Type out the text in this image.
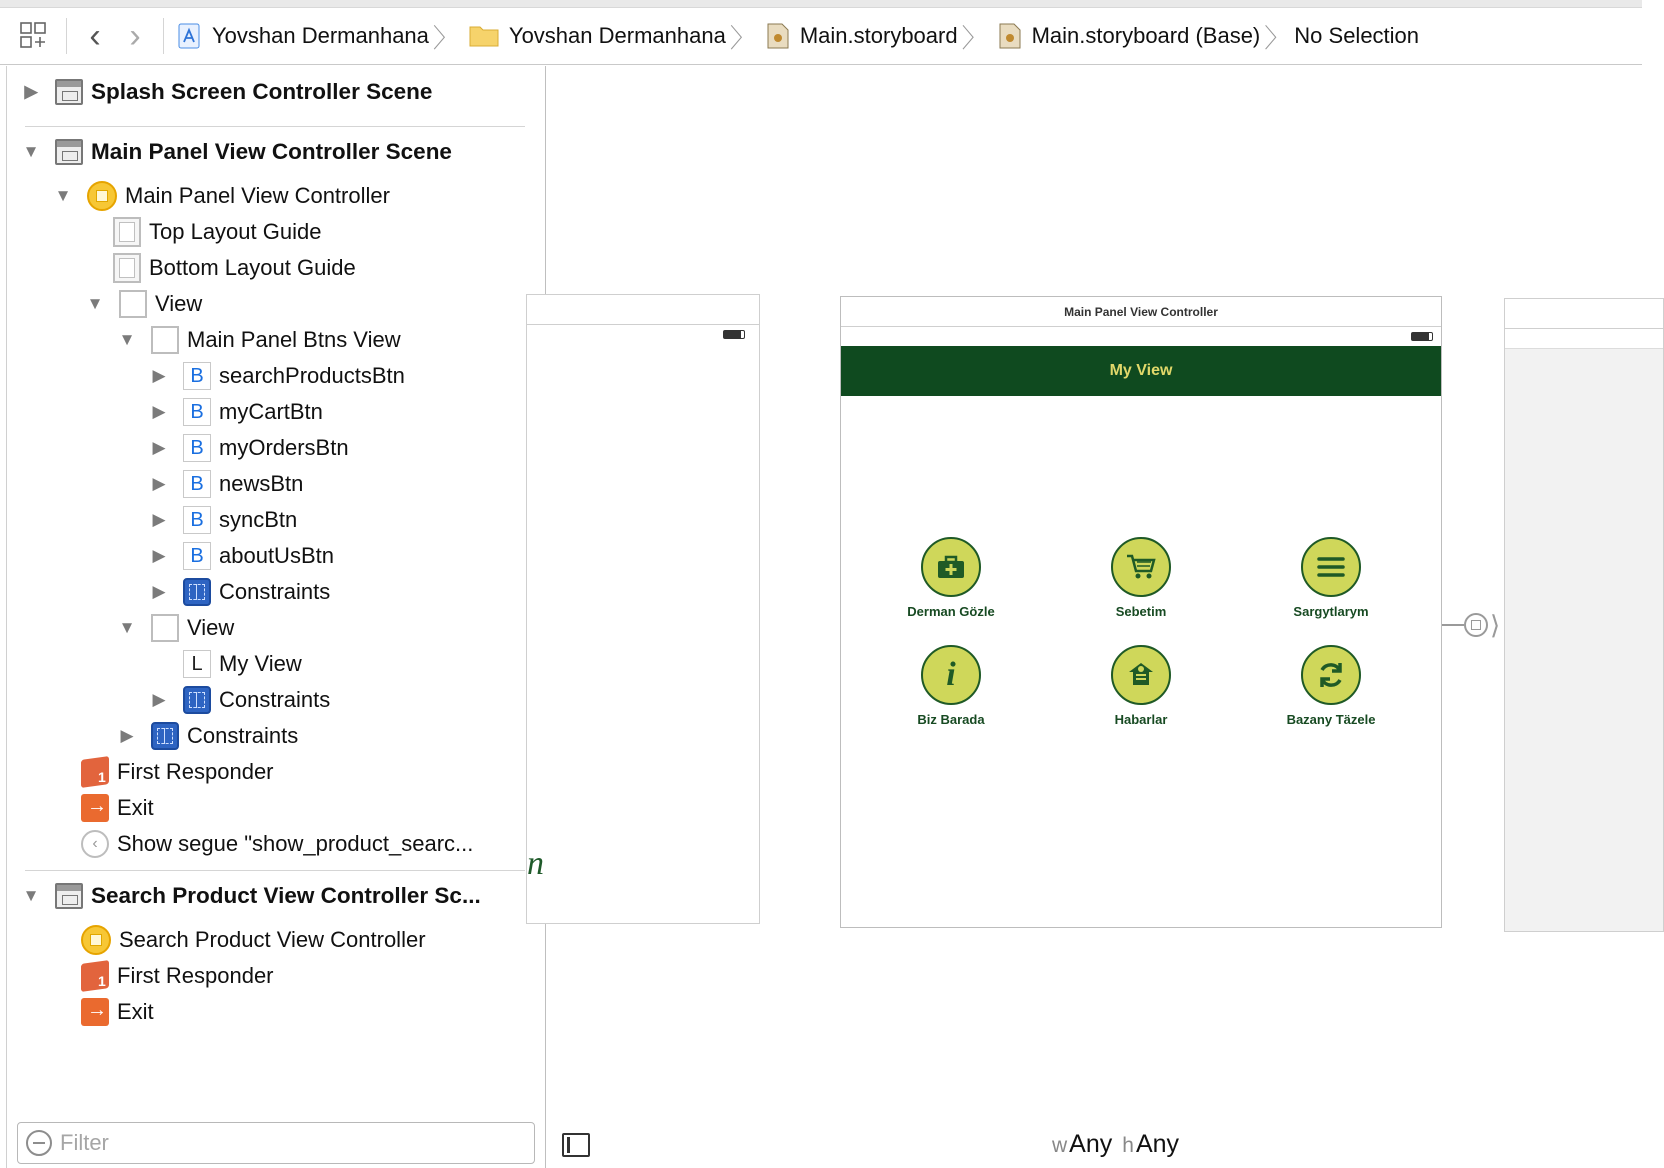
‹ ›	Yovshan Dermanhana 〉 Yovshan Dermanhana 〉 Main.storyboard 〉 Main.storyboard (Base) 〉 No Selection
▶ Splash Screen Controller Scene
▼ Main Panel View Controller Scene
▼ Main Panel View Controller
Top Layout Guide
Bottom Layout Guide
▼ View
▼ Main Panel Btns View
▶	B searchProductsBtn
▶	B myCartBtn
▶	B myOrdersBtn
▶	B newsBtn
▶	B syncBtn
▶	B aboutUsBtn
▶ Constraints
▼ View
L My View
▶ Constraints
▶ Constraints
1
First Responder
→
Exit
‹ Show segue "show_product_searc...
▼ Search Product View Controller Sc...
Search Product View Controller
1
First Responder
→
Exit
Filter
n
Main Panel View Controller
My View
Derman Gözle	Sebetim	Sargytlarym
i
Biz Barada	Habarlar	Bazany Täzele
⟩
wAny hAny
